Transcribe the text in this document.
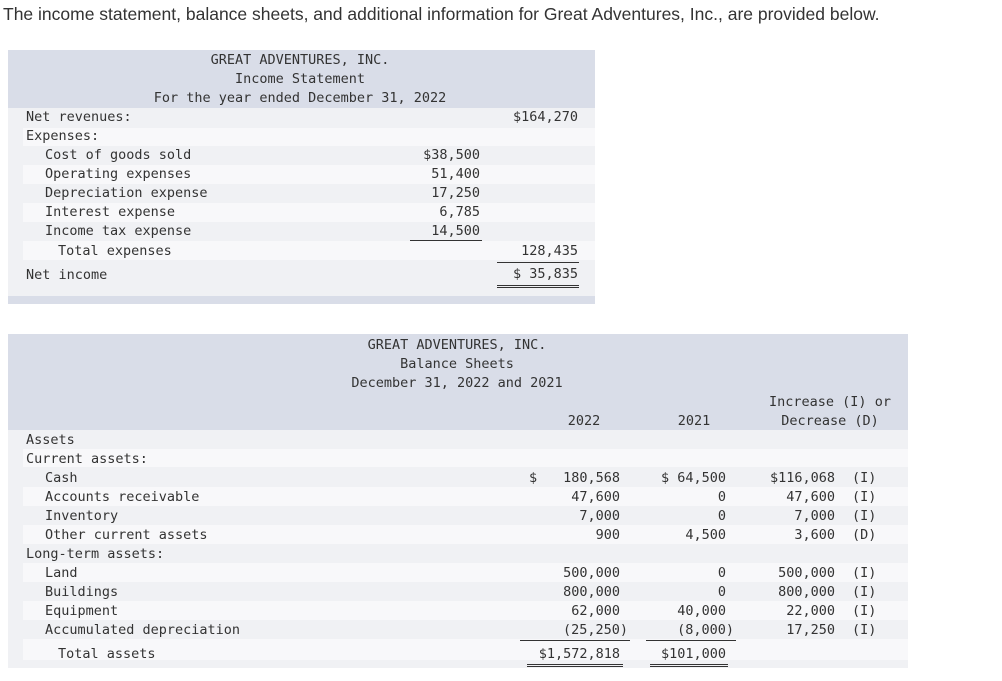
The income statement, balance sheets, and additional information for Great Adventures, Inc., are provided below.
GREAT ADVENTURES, INC.
Income Statement
For the year ended December 31, 2022
Net revenues:	$164,270
Expenses:
Cost of goods sold	$38,500
Operating expenses	51,400
Depreciation expense	17,250
Interest expense	6,785
Income tax expense	14,500
Total expenses	128,435
Net income	$ 35,835
GREAT ADVENTURES, INC.
Balance Sheets
December 31, 2022 and 2021
2022	2021
Increase (I) or
Decrease (D)
Assets
Current assets:
Cash	$	180,568	$ 64,500	$116,068 (I)
Accounts receivable	47,600	0	47,600 (I)
Inventory	7,000	0	7,000 (I)
Other current assets	900	4,500	3,600 (D)
Long-term assets:
Land	500,000	0	500,000 (I)
Buildings	800,000	0	800,000 (I)
Equipment	62,000	40,000	22,000 (I)
Accumulated depreciation	(25,250)	(8,000)	17,250 (I)
Total assets	$1,572,818	$101,000
